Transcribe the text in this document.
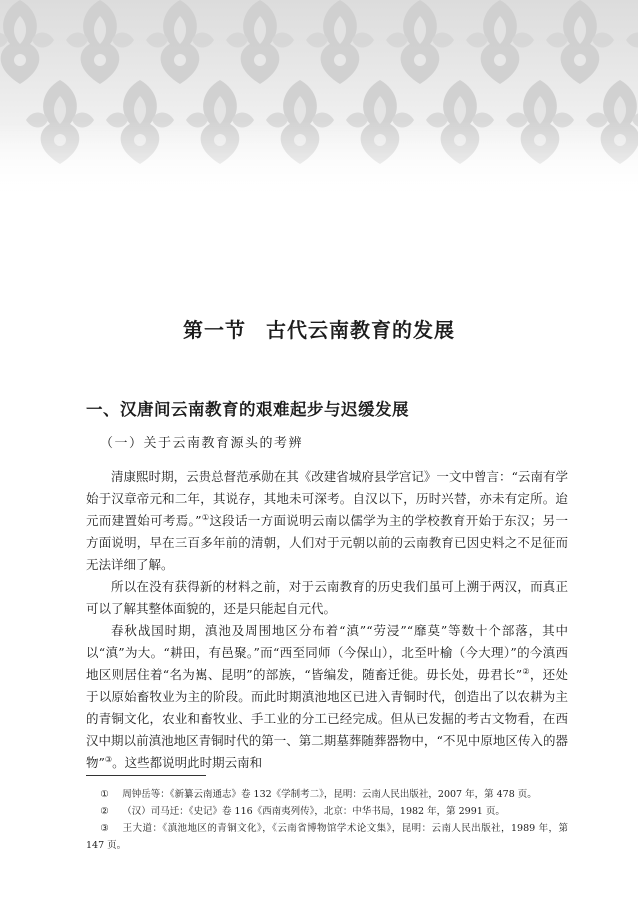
第一节 古代云南教育的发展
一、汉唐间云南教育的艰难起步与迟缓发展
（一）关于云南教育源头的考辨

清康熙时期，云贵总督范承勋在其《改建省城府县学宫记》一文中曾言：“云南有学始于汉章帝元和二年，其说存，其地未可深考。自汉以下，历时兴替，亦未有定所。迨元而建置始可考焉。”①这段话一方面说明云南以儒学为主的学校教育开始于东汉；另一方面说明，早在三百多年前的清朝，人们对于元朝以前的云南教育已因史料之不足征而无法详细了解。

所以在没有获得新的材料之前，对于云南教育的历史我们虽可上溯于两汉，而真正可以了解其整体面貌的，还是只能起自元代。

春秋战国时期，滇池及周围地区分布着“滇”“劳浸”“靡莫”等数十个部落，其中以“滇”为大。“耕田，有邑聚。”而“西至同师（今保山），北至叶榆（今大理）”的今滇西地区则居住着“名为嶲、昆明”的部族，“皆编发，随畜迁徙。毋长处，毋君长”②，还处于以原始畜牧业为主的阶段。而此时期滇池地区已进入青铜时代，创造出了以农耕为主的青铜文化，农业和畜牧业、手工业的分工已经完成。但从已发掘的考古文物看，在西汉中期以前滇池地区青铜时代的第一、第二期墓葬随葬器物中，“不见中原地区传入的器物”③。这些都说明此时期云南和

① 周钟岳等：《新纂云南通志》卷 132《学制考二》，昆明：云南人民出版社，2007 年，第 478 页。
② （汉）司马迁：《史记》卷 116《西南夷列传》，北京：中华书局，1982 年，第 2991 页。
③ 王大道：《滇池地区的青铜文化》，《云南省博物馆学术论文集》，昆明：云南人民出版社，1989 年，第 147 页。
